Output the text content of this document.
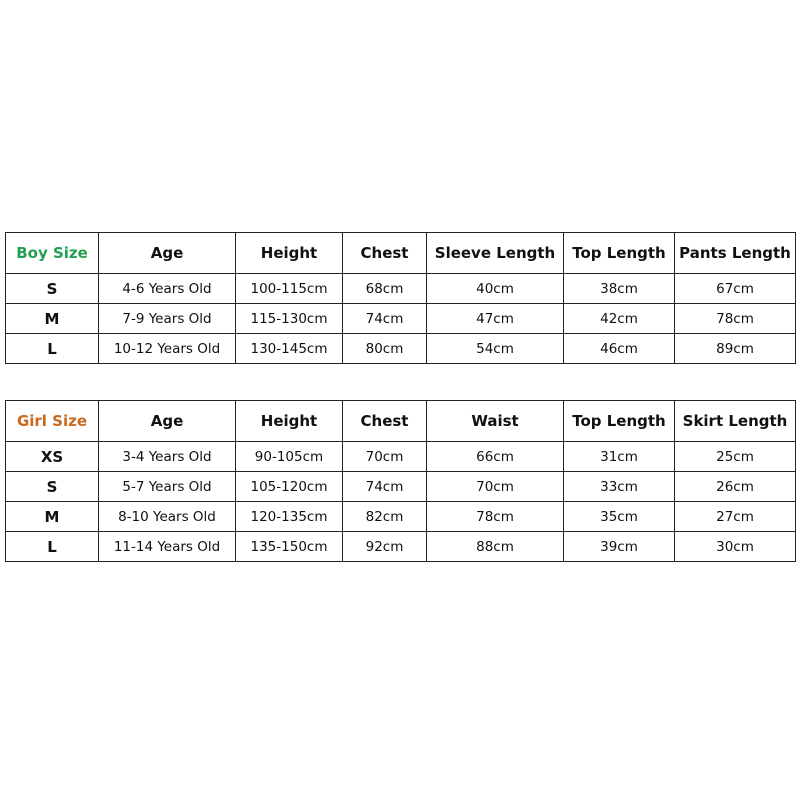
Boy Size	Age	Height	Chest	Sleeve Length	Top Length	Pants Length
S	4-6 Years Old	100-115cm	68cm	40cm	38cm	67cm
M	7-9 Years Old	115-130cm	74cm	47cm	42cm	78cm
L	10-12 Years Old	130-145cm	80cm	54cm	46cm	89cm
Girl Size	Age	Height	Chest	Waist	Top Length	Skirt Length
XS	3-4 Years Old	90-105cm	70cm	66cm	31cm	25cm
S	5-7 Years Old	105-120cm	74cm	70cm	33cm	26cm
M	8-10 Years Old	120-135cm	82cm	78cm	35cm	27cm
L	11-14 Years Old	135-150cm	92cm	88cm	39cm	30cm
